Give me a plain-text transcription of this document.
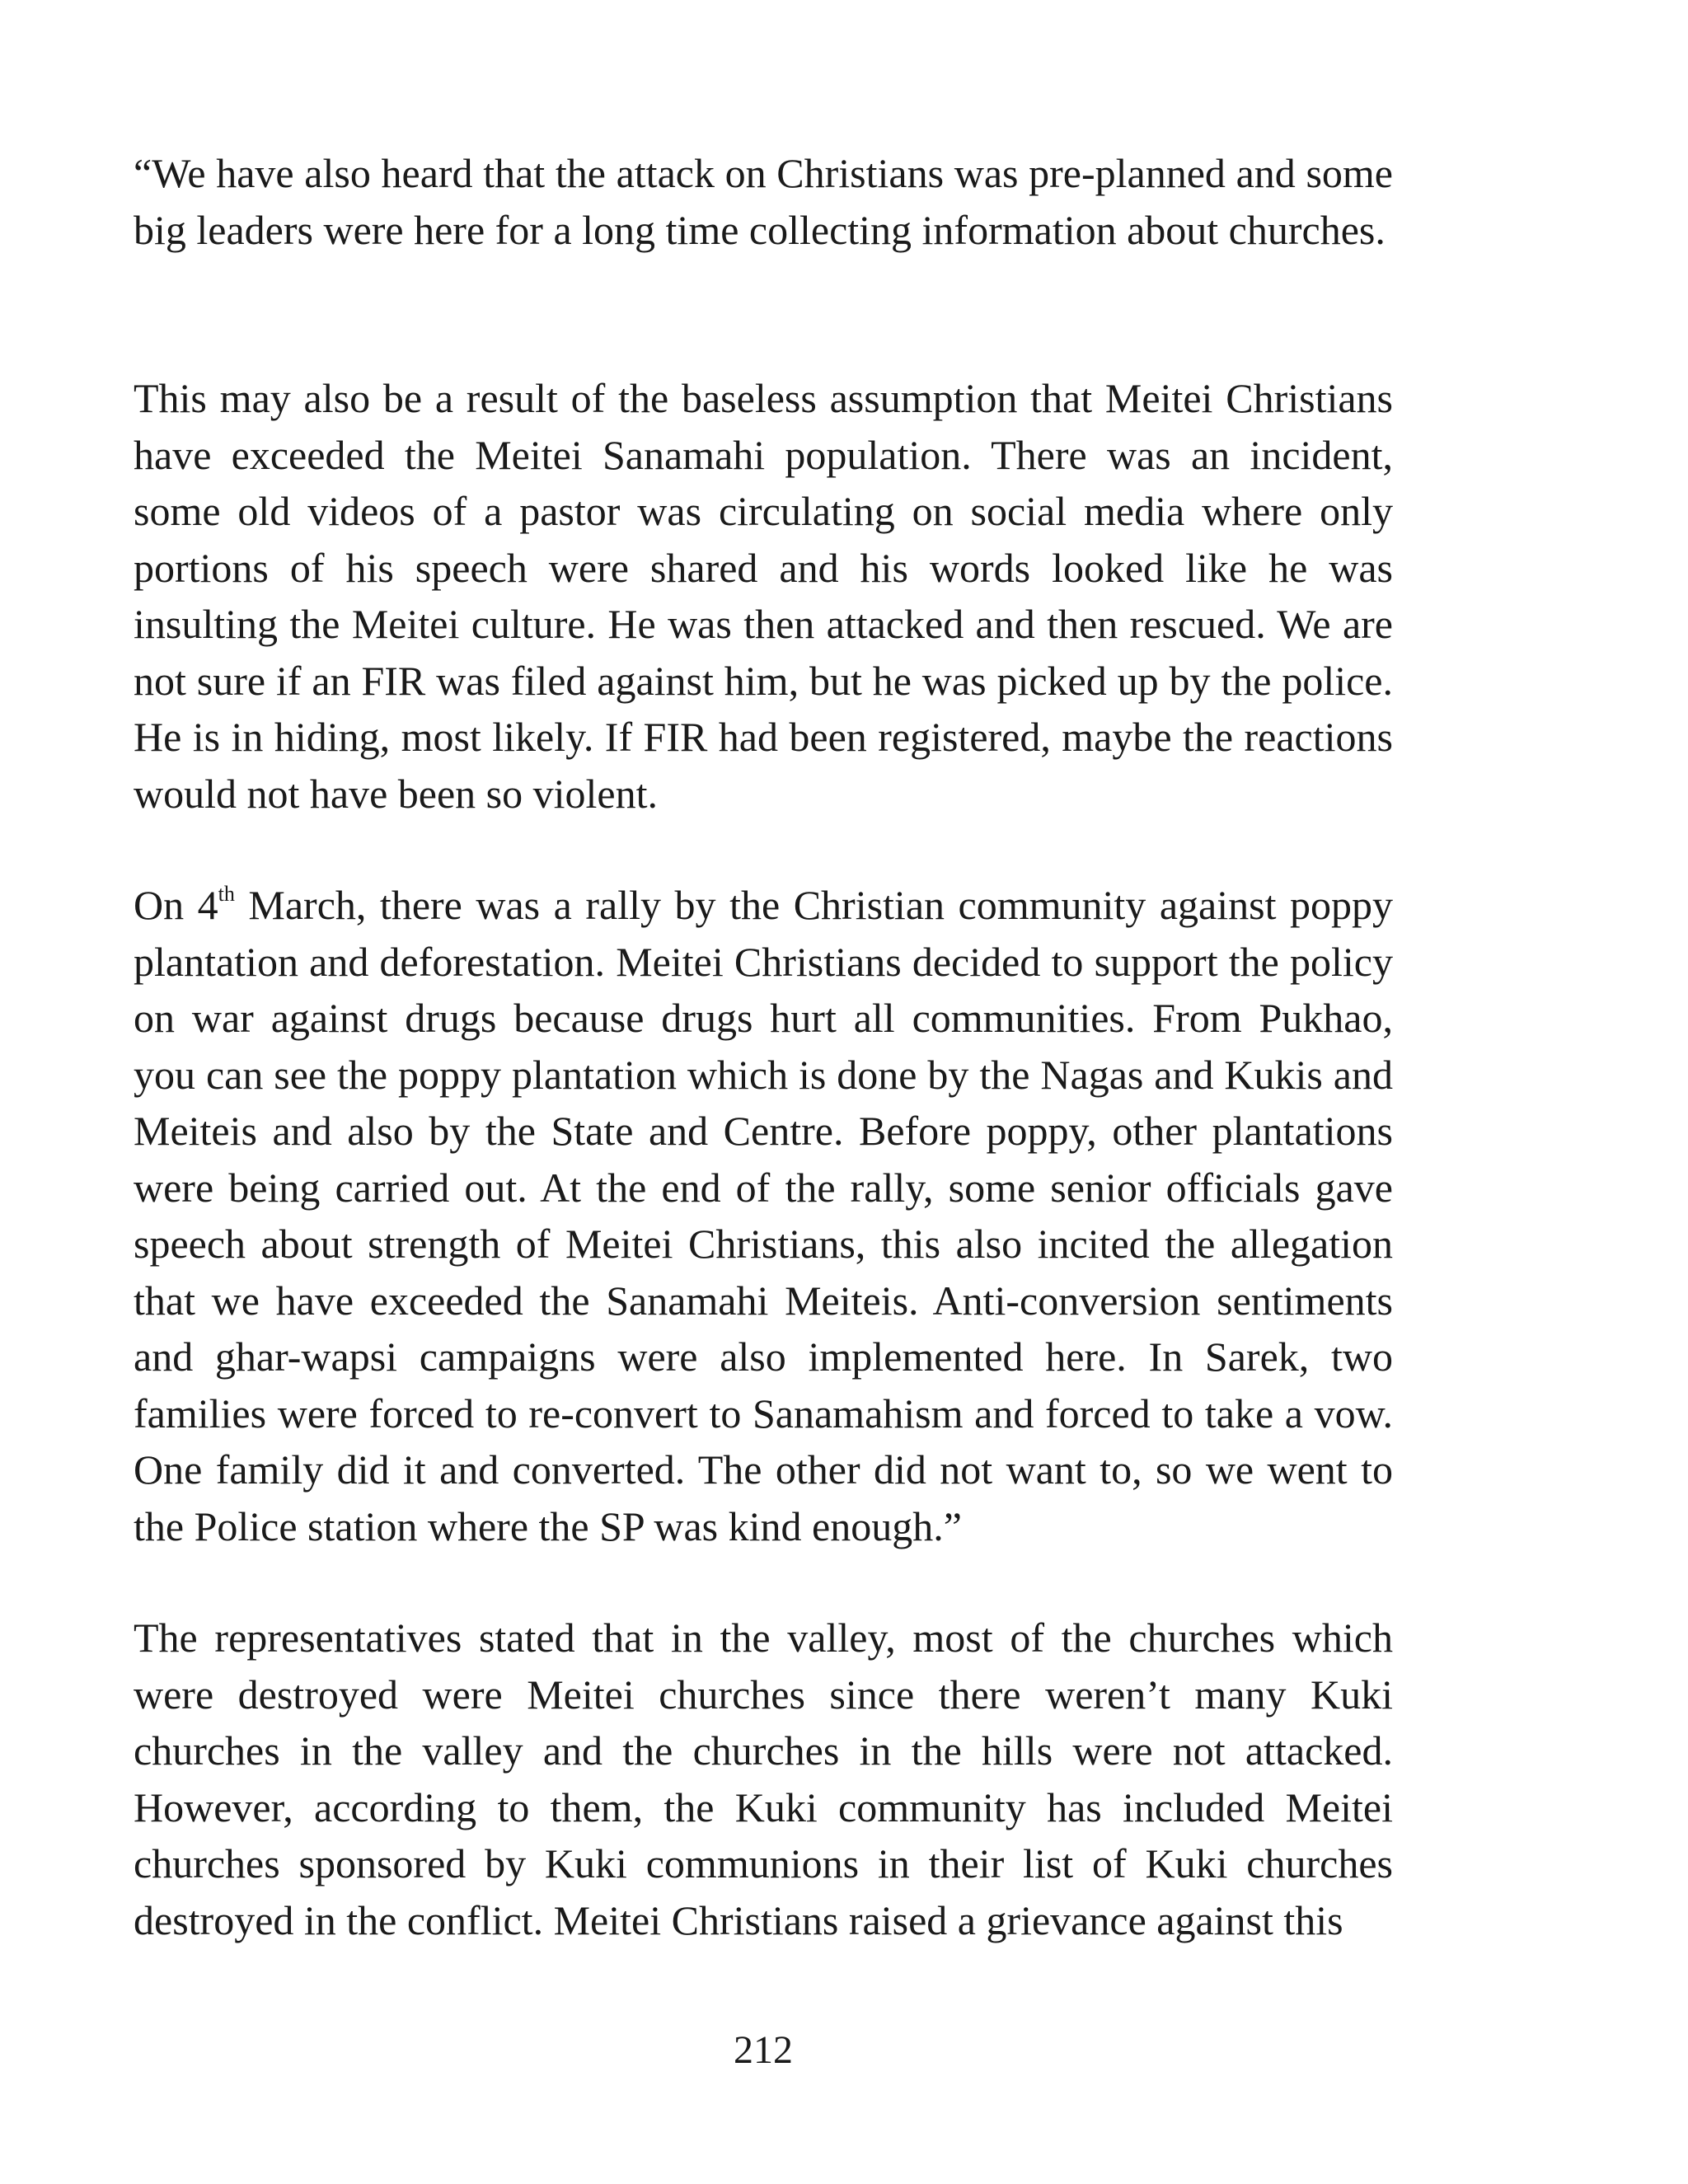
“We have also heard that the attack on Christians was pre-planned and some big leaders were here for a long time collecting information about churches.

This may also be a result of the baseless assumption that Meitei Christians have exceeded the Meitei Sanamahi population. There was an incident, some old videos of a pastor was circulating on social media where only portions of his speech were shared and his words looked like he was insulting the Meitei culture. He was then attacked and then rescued. We are not sure if an FIR was filed against him, but he was picked up by the police. He is in hiding, most likely. If FIR had been registered, maybe the reactions would not have been so violent.

On 4th March, there was a rally by the Christian community against poppy plantation and deforestation. Meitei Christians decided to support the policy on war against drugs because drugs hurt all communities. From Pukhao, you can see the poppy plantation which is done by the Nagas and Kukis and Meiteis and also by the State and Centre. Before poppy, other plantations were being carried out. At the end of the rally, some senior officials gave speech about strength of Meitei Christians, this also incited the allegation that we have exceeded the Sanamahi Meiteis. Anti-conversion sentiments and ghar-wapsi campaigns were also implemented here. In Sarek, two families were forced to re-convert to Sanamahism and forced to take a vow. One family did it and converted. The other did not want to, so we went to the Police station where the SP was kind enough.”

The representatives stated that in the valley, most of the churches which were destroyed were Meitei churches since there weren’t many Kuki churches in the valley and the churches in the hills were not attacked. However, according to them, the Kuki community has included Meitei churches sponsored by Kuki communions in their list of Kuki churches destroyed in the conflict. Meitei Christians raised a grievance against this

212
